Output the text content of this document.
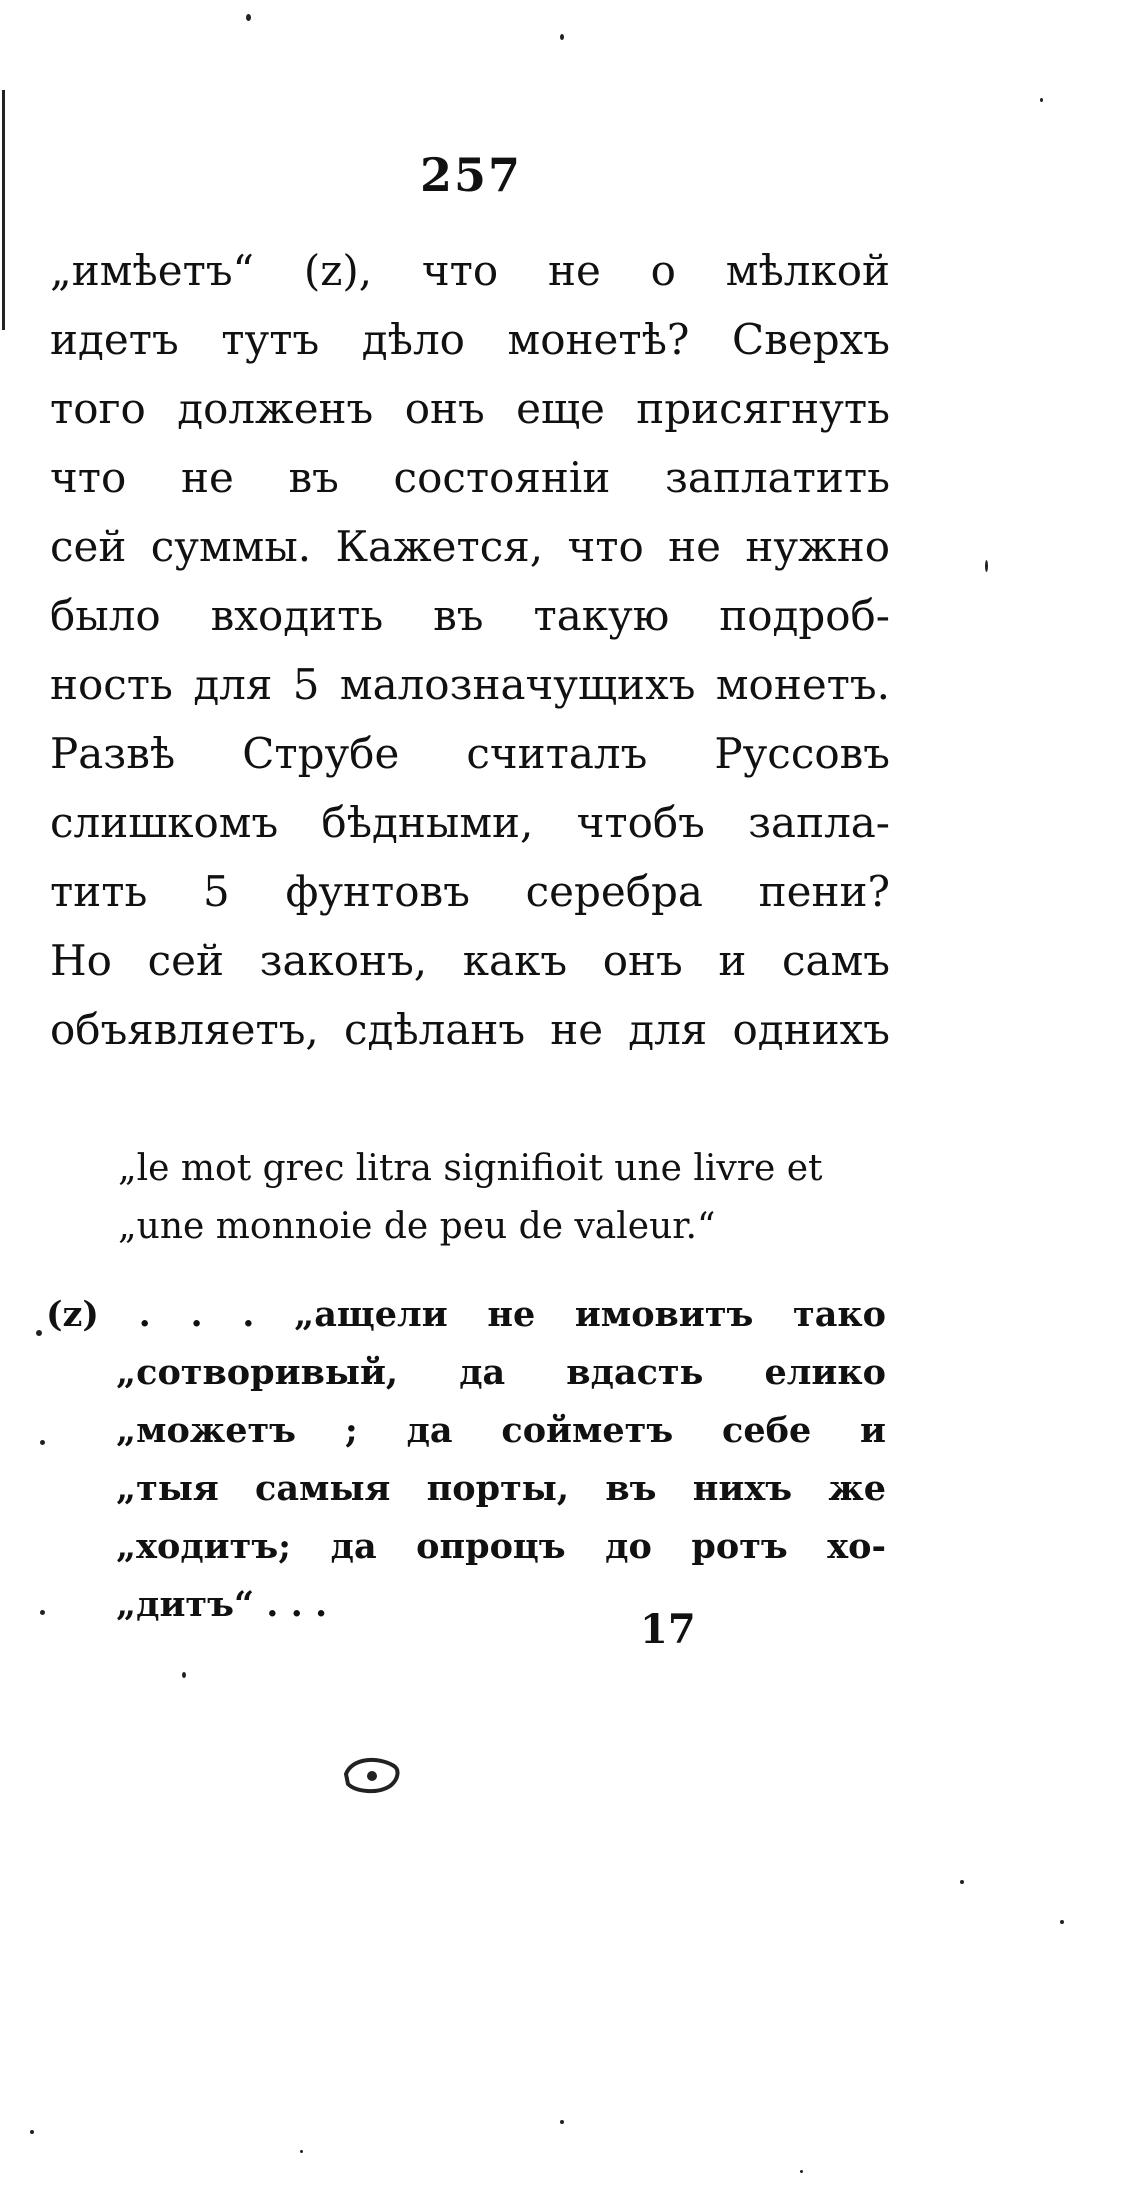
257
„имѣетъ“ (z), что не о мѣлкой
идетъ тутъ дѣло монетѣ? Сверхъ
того долженъ онъ еще присягнуть
что не въ состояніи заплатить
сей суммы. Кажется, что не нужно
было входить въ такую подроб-
ность для 5 малозначущихъ монетъ.
Развѣ Струбе считалъ Руссовъ
слишкомъ бѣдными, чтобъ запла-
тить 5 фунтовъ серебра пени?
Но сей законъ, какъ онъ и самъ
объявляетъ, сдѣланъ не для однихъ
„le mot grec litra signifioit une livre et
„une monnoie de peu de valeur.“
(z) . . . „ащели не имовитъ тако
„сотворивый, да вдасть елико
„можетъ ; да сойметъ себе и
„тыя самыя порты, въ нихъ же
„ходитъ; да опроцъ до ротъ хо-
„дитъ“ . . .
17
